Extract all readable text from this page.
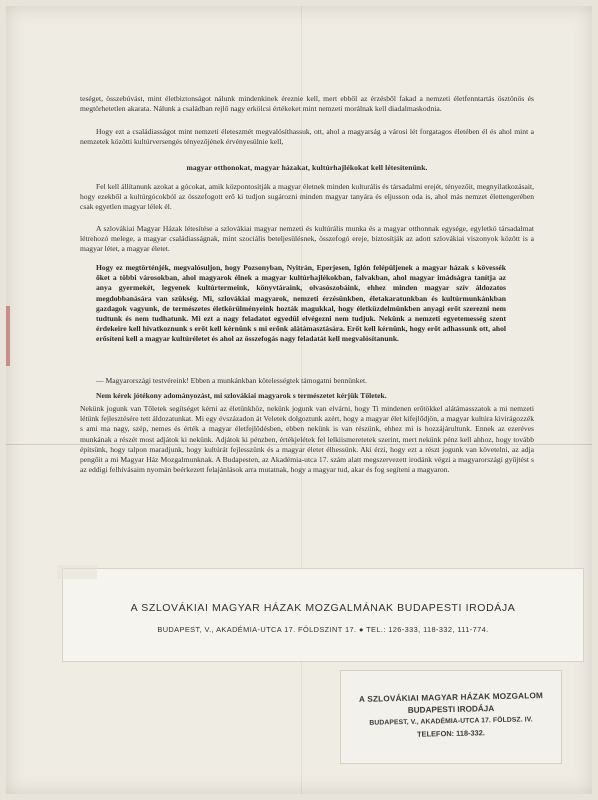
teséget, összebúvást, mint életbiztonságot nálunk mindenkinek éreznie kell, mert ebből az érzésből fakad a nemzeti életfenntartás ösztönös és megtörhetetlen akarata. Nálunk a családban rejlő nagy erkölcsi értékeket mint nemzeti morálnak kell diadalmaskodnia.

Hogy ezt a családiasságot mint nemzeti életeszmét megvalósíthassuk, ott, ahol a magyarság a városi lét forgatagos életében él és ahol mint a nemzetek közötti kultúrversengés tényezőjének érvényesülnie kell,

magyar otthonokat, magyar házakat, kultúrhajlékokat kell létesítenünk.

Fel kell állítanunk azokat a gócokat, amik központosítják a magyar életnek minden kulturális és társadalmi erejét, tényezőit, megnyilatkozásait, hogy ezekből a kultúrgócokból az összefogott erő ki tudjon sugározni minden magyar tanyára és eljusson oda is, ahol más nemzet élettengerében csak egyetlen magyar lélek él.

A szlovákiai Magyar Házak létesítése a szlovákiai magyar nemzeti és kultúrális munka és a magyar otthonnak egysége, egyletkö társadalmat létrehozó melege, a magyar családiasságnak, mint szociális beteljesülésnek, összefogó ereje, biztosítják az adott szlovákiai viszonyok között is a magyar létet, a magyar életet.

Hogy ez megtörténjék, megvalósuljon, hogy Pozsonyban, Nyitrán, Eperjesen, Iglón felépüljenek a magyar házak s kövessék őket a többi városokban, ahol magyarok élnek a magyar kultúrhajlékokban, falvakban, ahol magyar imádságra tanítja az anya gyermekét, legyenek kultúrtermeink, könyvtáraink, olvasószobáink, ehhez minden magyar szív áldozatos megdobbanására van szükség. Mi, szlovákiai magyarok, nemzeti érzésünkben, életakaratunkban és kultúrmunkánkban gazdagok vagyunk, de természetes életkörülményeink hozták magukkal, hogy életküzdelmünkben anyagi erőt szerezni nem tudtunk és nem tudhatunk. Mi ezt a nagy feladatot egyedül elvégezni nem tudjuk. Nekünk a nemzeti egyetemesség szent érdekeire kell hivatkoznunk s erőt kell kérnünk s mi erőnk alátámasztására. Erőt kell kérnünk, hogy erőt adhassunk ott, ahol erősíteni kell a magyar kultúréletet és ahol az összefogás nagy feladatát kell megvalósítanunk.

— Magyarországi testvéreink! Ebben a munkánkban kötelességtek támogatni bennünket.

Nem kérek jótékony adományozást, mi szlovákiai magyarok s természetet kérjük Tőletek.

Nekünk jogunk van Tőletek segítséget kérni az életünkhöz, nekünk jogunk van elvárni, hogy Ti mindenen erőtökkel alátámasszatok a mi nemzeti létünk fejlesztésére tett áldozatunkat. Mi egy évszázadon át Veletek dolgoztunk azért, hogy a magyar élet kifejlődjön, a magyar kultúra kivirágozzék s ami ma nagy, szép, nemes és érték a magyar életfejlődésben, ebben nekünk is van részünk, ehhez mi is hozzájárultunk. Ennek az ezeréves munkának a részét most adjátok ki nekünk. Adjátok ki pénzben, értékjelétek fel lelkiismeretetek szerint, mert nekünk pénz kell ahhoz, hogy tovább építsünk, hogy talpon maradjunk, hogy kultúrát fejlesszünk és a magyar életet élhessünk. Aki érzi, hogy ezt a részt jogunk van követelni, az adja pengőit a mi Magyar Ház Mozgalmunknak. A Budapesten, az Akadémia-utca 17. szám alatt megszervezett irodánk végzi a magyarországi gyűjtést s az eddigi felhívásaim nyomán beérkezett felajánlások arra mutatnak, hogy a magyar tud, akar és fog segíteni a magyaron.

A SZLOVÁKIAI MAGYAR HÁZAK MOZGALMÁNAK BUDAPESTI IRODÁJA
BUDAPEST, V., AKADÉMIA-UTCA 17. FÖLDSZINT 17. ● TEL.: 126-333, 118-332, 111-774.
A SZLOVÁKIAI MAGYAR HÁZAK MOZGALOM
BUDAPESTI IRODÁJA
BUDAPEST, V., AKADÉMIA-UTCA 17. FÖLDSZ. IV.
TELEFON: 118-332.
